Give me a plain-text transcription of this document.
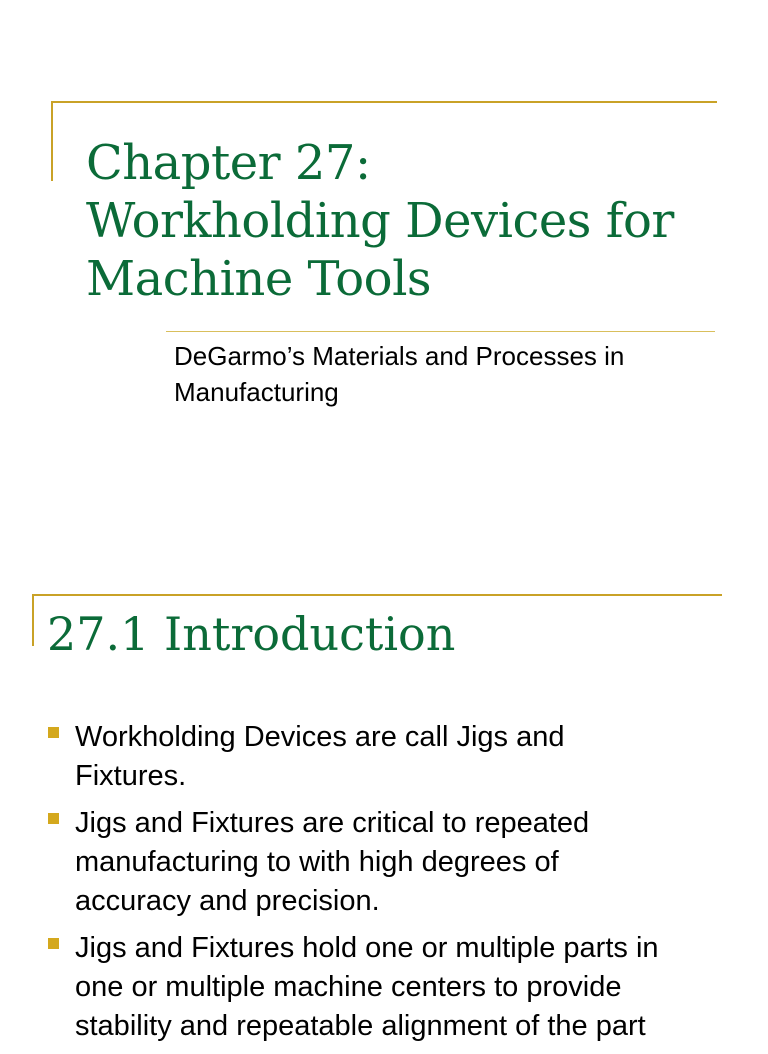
Chapter 27:
Workholding Devices for
Machine Tools
DeGarmo’s Materials and Processes in
Manufacturing
27.1 Introduction
Workholding Devices are call Jigs and
Fixtures.
Jigs and Fixtures are critical to repeated
manufacturing to with high degrees of
accuracy and precision.
Jigs and Fixtures hold one or multiple parts in
one or multiple machine centers to provide
stability and repeatable alignment of the part
